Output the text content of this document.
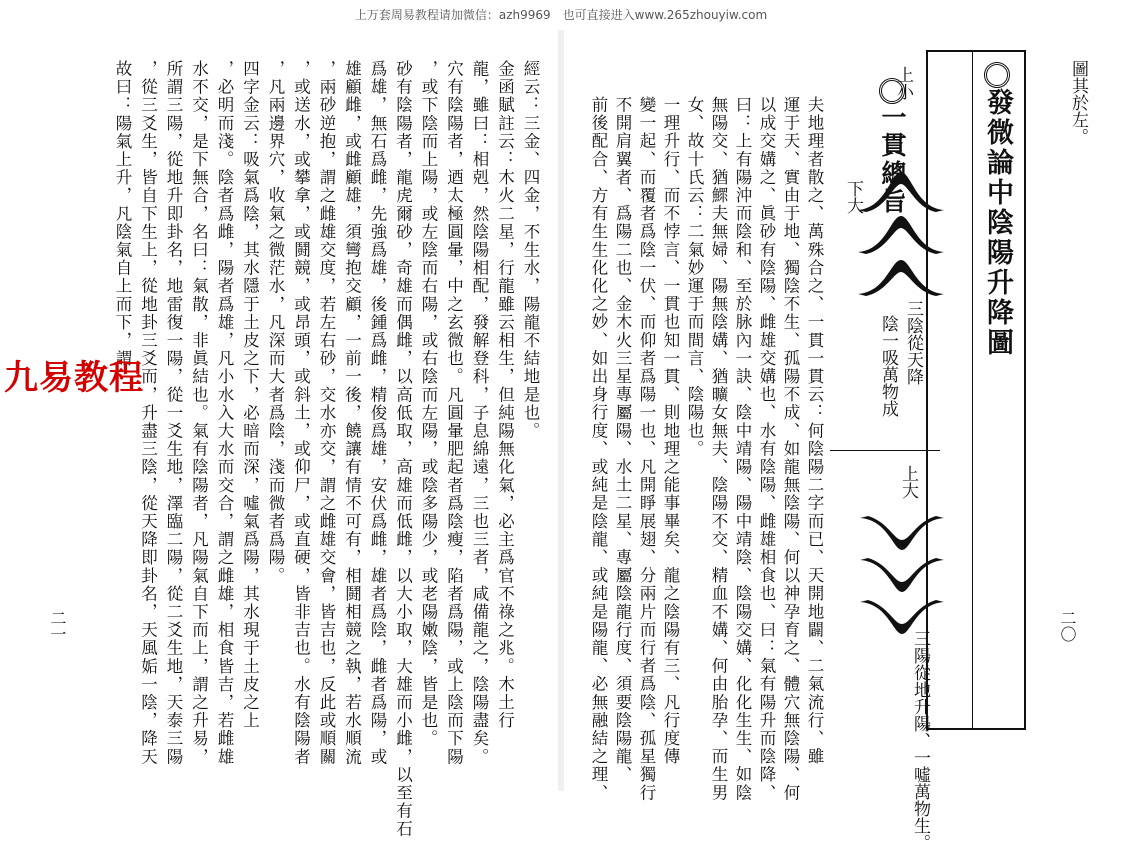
上万套周易教程请加微信：azh9969　也可直接进入www.265zhouyiw.com
二一
經云：三金、四金，不生水，陽龍不結地是也。
金函賦註云：木火二星，行龍雖云相生，但純陽無化氣，必主爲官不祿之兆。木土行
龍，雖曰：相剋，然陰陽相配，發解登科，子息綿遠，三也三者，咸備龍之，陰陽盡矣。
穴有陰陽者，迺太極圓暈，中之玄微也。凡圓暈肥起者爲陰瘦，陷者爲陽，或上陰而下陽
，或下陰而上陽，或左陰而右陽，或右陰而左陽，或陰多陽少，或老陽嫩陰，皆是也。
砂有陰陽者，龍虎爾砂，奇雄而偶雌，以高低取，高雄而低雌，以大小取，大雄而小雌，以至有石
爲雄，無石爲雌，先強爲雄，後鍾爲雌，精俊爲雄，安伏爲雌，雄者爲陰，雌者爲陽，或
雄顧雌，或雌顧雄，須彎抱交顧，一前一後，饒讓有情不可有，相鬪相競之執，若水順流
，兩砂逆抱，謂之雌雄交度，若左右砂，交水亦交，謂之雌雄交會，皆吉也，反此或順關
，或送水，或攀拿，或鬪競，或昂頭，或斜土，或仰尸，或直硬，皆非吉也。水有陰陽者
，凡兩邊界穴，收氣之微茫水，凡深而大者爲陰，淺而微者爲陽。
四字金云：吸氣爲陰，其水隱于土皮之下，必暗而深，噓氣爲陽，其水現于土皮之上
，必明而淺。陰者爲雌，陽者爲雄，凡小水入大水而交合，謂之雌雄，相食皆吉，若雌雄
水不交，是下無合，名曰：氣散，非眞結也。氣有陰陽者，凡陽氣自下而上，謂之升易，
所謂三陽，從地升即卦名，地雷復一陽，從一爻生地，澤臨二陽，從二爻生地，天泰三陽
，從三爻生，皆自下生上，從地卦三爻而，升盡三陰，從天降即卦名，天風姤一陰，降天
故曰：陽氣上升，凡陰氣自上而下，謂
九易教程
二〇
圖其於左。
發微論中陰陽升降圖
上小
下大
三陰從天降
陰一吸萬物成
上大
三陽從地升陽、一噓萬物生。
一貫總旨
夫地理者散之、萬殊合之、一貫一貫云：何陰陽二字而已、天開地闢、二氣流行、雖
運于天、實由于地、獨陰不生、孤陽不成、如龍無陰陽、何以神孕育之、體穴無陰陽、何
以成交媾之、眞砂有陰陽、雌雄交媾也、水有陰陽、雌雄相食也、曰：氣有陽升而陰降、
曰：上有陽沖而陰和、至於脉內一訣、陰中靖陽、陽中靖陰、陰陽交媾、化化生生、如陰
無陽交、猶鰥夫無婦、陽無陰媾、猶曠女無夫、陰陽不交、精血不媾、何由胎孕、而生男
女、故十氏云：二氣妙運于而間言、陰陽也。
一理升行、而不悖言、一貫也知一貫、則地理之能事畢矣、龍之陰陽有三、凡行度傳
變一起、而覆者爲陰一伏、而仰者爲陽一也、凡開睜展翅、分兩片而行者爲陰、孤星獨行
不開肩翼者、爲陽二也、金木火三星專屬陽、水土二星、專屬陰龍行度、須要陰陽龍、
前後配合、方有生生化化之妙、如出身行度、或純是陰龍、或純是陽龍、必無融結之理、
